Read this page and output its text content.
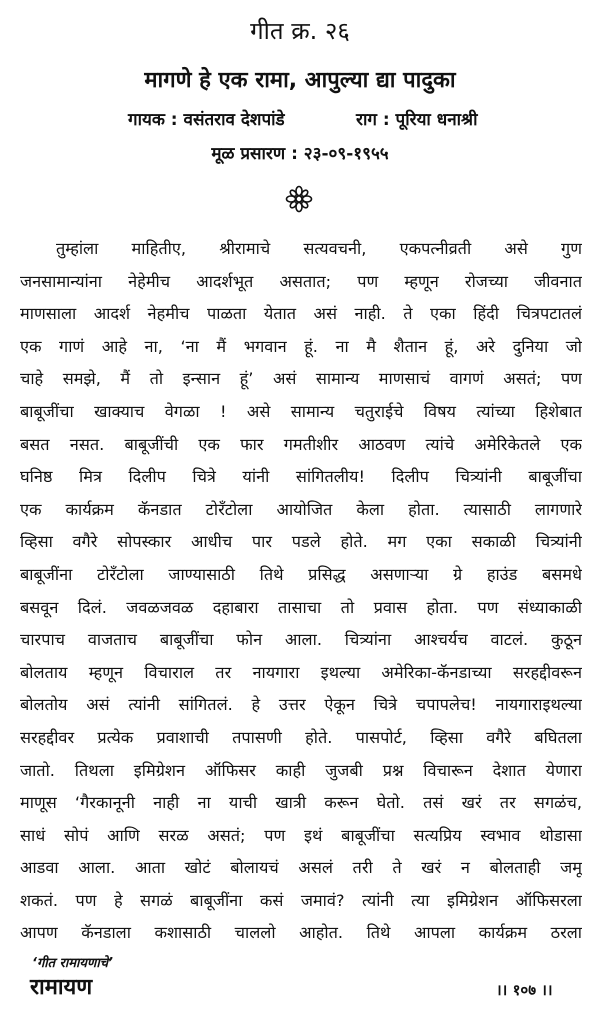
गीत क्र. २६
मागणे हे एक रामा, आपुल्या द्या पादुका
गायक : वसंतराव देशपांडे	राग : पूरिया धनाश्री
मूळ प्रसारण : २३-०९-१९५५
तुम्हांला माहितीए, श्रीरामाचे सत्यवचनी, एकपत्नीव्रती असे गुण
जनसामान्यांना नेहेमीच आदर्शभूत असतात; पण म्हणून रोजच्या जीवनात
माणसाला आदर्श नेहमीच पाळता येतात असं नाही. ते एका हिंदी चित्रपटातलं
एक गाणं आहे ना, ‘ना मैं भगवान हूं. ना मै शैतान हूं, अरे दुनिया जो
चाहे समझे, मैं तो इन्सान हूं’ असं सामान्य माणसाचं वागणं असतं; पण
बाबूजींचा खाक्याच वेगळा ! असे सामान्य चतुराईचे विषय त्यांच्या हिशेबात
बसत नसत. बाबूजींची एक फार गमतीशीर आठवण त्यांचे अमेरिकेतले एक
घनिष्ठ मित्र दिलीप चित्रे यांनी सांगितलीय! दिलीप चित्र्यांनी बाबूजींचा
एक कार्यक्रम कॅनडात टोरँटोला आयोजित केला होता. त्यासाठी लागणारे
व्हिसा वगैरे सोपस्कार आधीच पार पडले होते. मग एका सकाळी चित्र्यांनी
बाबूजींना टोरँटोला जाण्यासाठी तिथे प्रसिद्ध असणाऱ्या ग्रे हाउंड बसमधे
बसवून दिलं. जवळजवळ दहाबारा तासाचा तो प्रवास होता. पण संध्याकाळी
चारपाच वाजताच बाबूजींचा फोन आला. चित्र्यांना आश्चर्यच वाटलं. कुठून
बोलताय म्हणून विचाराल तर नायगारा इथल्या अमेरिका-कॅनडाच्या सरहद्दीवरून
बोलतोय असं त्यांनी सांगितलं. हे उत्तर ऐकून चित्रे चपापलेच! नायगाराइथल्या
सरहद्दीवर प्रत्येक प्रवाशाची तपासणी होते. पासपोर्ट, व्हिसा वगैरे बघितला
जातो. तिथला इमिग्रेशन ऑफिसर काही जुजबी प्रश्न विचारून देशात येणारा
माणूस ‘गैरकानूनी नाही ना याची खात्री करून घेतो. तसं खरं तर सगळंच,
साधं सोपं आणि सरळ असतं; पण इथं बाबूजींचा सत्यप्रिय स्वभाव थोडासा
आडवा आला. आता खोटं बोलायचं असलं तरी ते खरं न बोलताही जमू
शकतं. पण हे सगळं बाबूजींना कसं जमावं? त्यांनी त्या इमिग्रेशन ऑफिसरला
आपण कॅनडाला कशासाठी चाललो आहोत. तिथे आपला कार्यक्रम ठरला
‘गीत रामायणाचे’
रामायण	।। १०७ ।।
